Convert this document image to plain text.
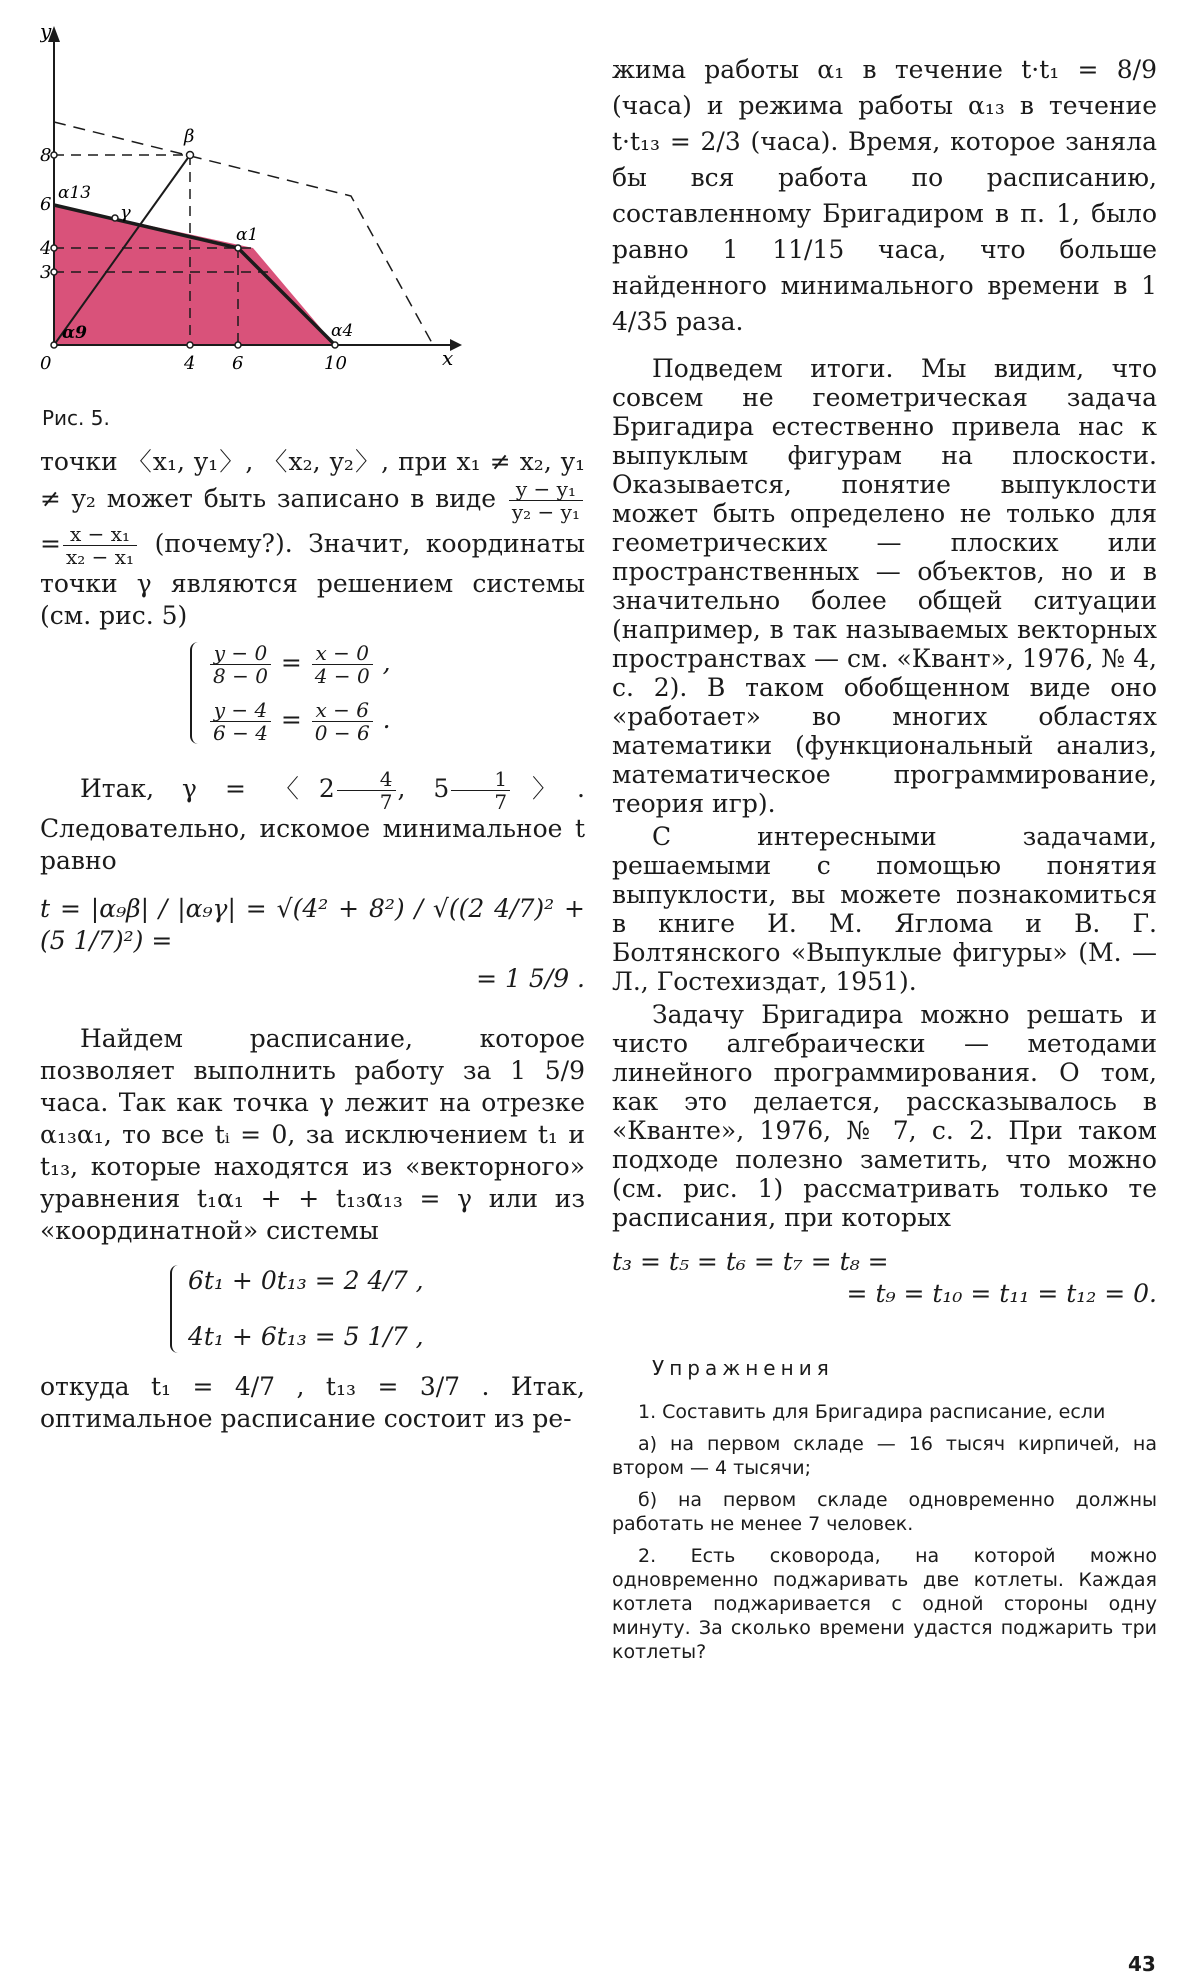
y
x
0	4 6	10
8
6
4
3
α13
α1
α4
α9
β
γ
Рис. 5.

точки 〈x₁, y₁〉, 〈x₂, y₂〉, при x₁ ≠ x₂, y₁ ≠ y₂ может быть записано в виде $\frac{\text{y − y₁}}{\text{y₂ − y₁}}$
= $\frac{\text{x − x₁}}{\text{x₂ − x₁}}$ (почему?). Значит, координаты точки γ являются решением системы (см. рис. 5)

$\frac{y - 0}{8 - 0} = \frac{x - 0}{4 - 0}$ ,
$\frac{y - 4}{6 - 4} = \frac{x - 6}{0 - 6}$ .

Итак, γ = 〈$2 \frac{4}{7}$ , $5 \frac{1}{7}$ 〉. Следовательно, искомое минимальное t равно

t = |α₉β| / |α₉γ| = √(4² + 8²) / √((2 4/7)² + (5 1/7)²) =
= 1 5/9 .

Найдем расписание, которое позволяет выполнить работу за 1 5/9 часа. Так как точка γ лежит на отрезке α₁₃α₁, то все tᵢ = 0, за исключением t₁ и t₁₃, которые находятся из «векторного» уравнения t₁α₁ + + t₁₃α₁₃ = γ или из «координатной» системы

6t₁ + 0t₁₃ = 2 4/7 ,
4t₁ + 6t₁₃ = 5 1/7 ,

откуда t₁ = 4/7 , t₁₃ = 3/7 . Итак, оптимальное расписание состоит из ре-

жима работы α₁ в течение t·t₁ = 8/9 (часа) и режима работы α₁₃ в течение t·t₁₃ = 2/3 (часа). Время, которое заняла бы вся работа по расписанию, составленному Бригадиром в п. 1, было равно 1 11/15 часа, что больше найденного минимального времени в 1 4/35 раза.

Подведем итоги. Мы видим, что совсем не геометрическая задача Бригадира естественно привела нас к выпуклым фигурам на плоскости. Оказывается, понятие выпуклости может быть определено не только для геометрических — плоских или пространственных — объектов, но и в значительно более общей ситуации (например, в так называемых векторных пространствах — см. «Квант», 1976, № 4, с. 2). В таком обобщенном виде оно «работает» во многих областях математики (функциональный анализ, математическое программирование, теория игр).

С интересными задачами, решаемыми с помощью понятия выпуклости, вы можете познакомиться в книге И. М. Яглома и В. Г. Болтянского «Выпуклые фигуры» (М. — Л., Гостехиздат, 1951).

Задачу Бригадира можно решать и чисто алгебраически — методами линейного программирования. О том, как это делается, рассказывалось в «Кванте», 1976, № 7, с. 2. При таком подходе полезно заметить, что можно (см. рис. 1) рассматривать только те расписания, при которых

t₃ = t₅ = t₆ = t₇ = t₈ =
= t₉ = t₁₀ = t₁₁ = t₁₂ = 0.
Упражнения

1. Составить для Бригадира расписание, если

а) на первом складе — 16 тысяч кирпичей, на втором — 4 тысячи;

б) на первом складе одновременно должны работать не менее 7 человек.

2. Есть сковорода, на которой можно одновременно поджаривать две котлеты. Каждая котлета поджаривается с одной стороны одну минуту. За сколько времени удастся поджарить три котлеты?

43
